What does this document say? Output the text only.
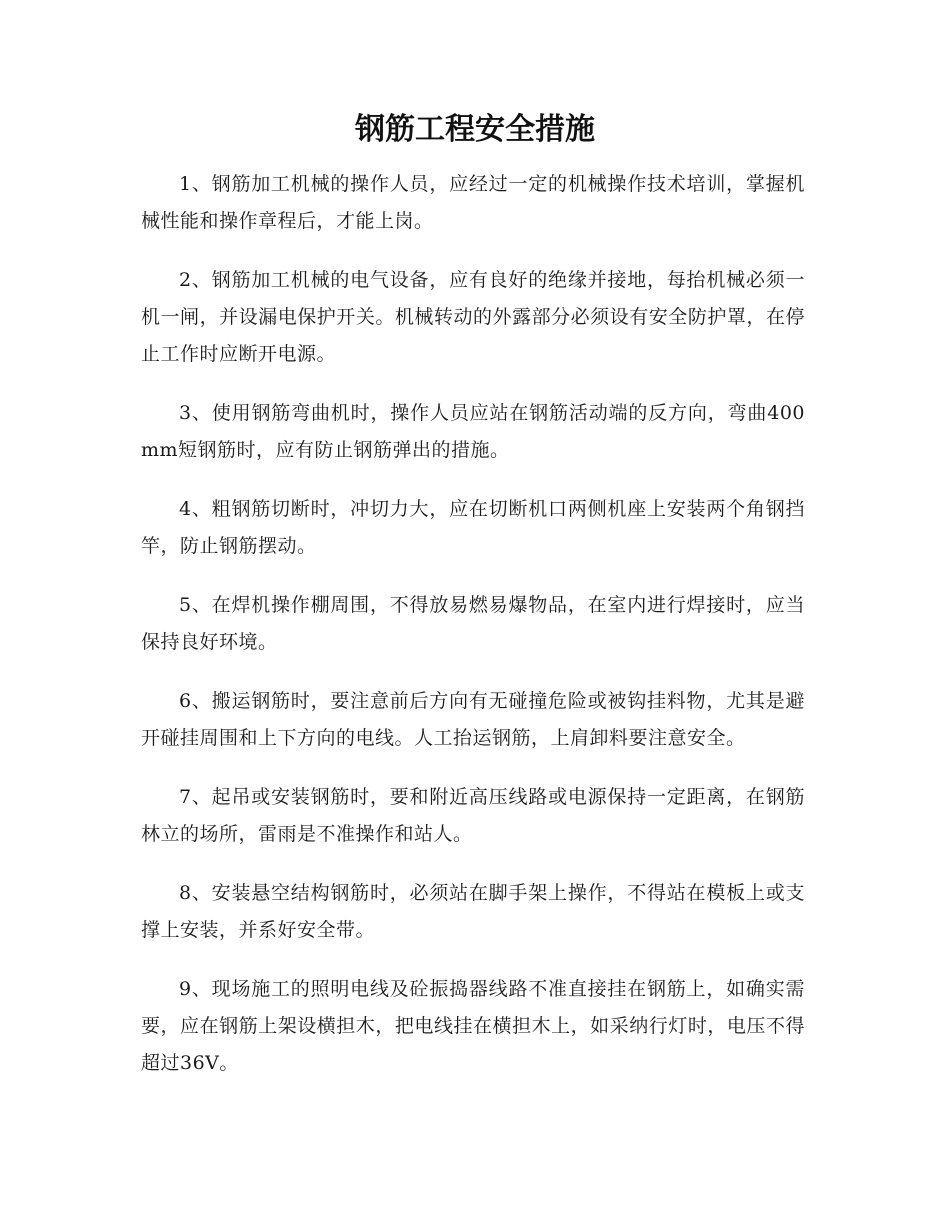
钢筋工程安全措施

1、钢筋加工机械的操作人员，应经过一定的机械操作技术培训，掌握机械性能和操作章程后，才能上岗。

2、钢筋加工机械的电气设备，应有良好的绝缘并接地，每抬机械必须一机一闸，并设漏电保护开关。机械转动的外露部分必须设有安全防护罩，在停止工作时应断开电源。

3、使用钢筋弯曲机时，操作人员应站在钢筋活动端的反方向，弯曲400mm短钢筋时，应有防止钢筋弹出的措施。

4、粗钢筋切断时，冲切力大，应在切断机口两侧机座上安装两个角钢挡竿，防止钢筋摆动。

5、在焊机操作棚周围，不得放易燃易爆物品，在室内进行焊接时，应当保持良好环境。

6、搬运钢筋时，要注意前后方向有无碰撞危险或被钩挂料物，尤其是避开碰挂周围和上下方向的电线。人工抬运钢筋，上肩卸料要注意安全。

7、起吊或安装钢筋时，要和附近高压线路或电源保持一定距离，在钢筋林立的场所，雷雨是不准操作和站人。

8、安装悬空结构钢筋时，必须站在脚手架上操作，不得站在模板上或支撑上安装，并系好安全带。

9、现场施工的照明电线及砼振捣器线路不准直接挂在钢筋上，如确实需要，应在钢筋上架设横担木，把电线挂在横担木上，如采纳行灯时，电压不得超过36V。
